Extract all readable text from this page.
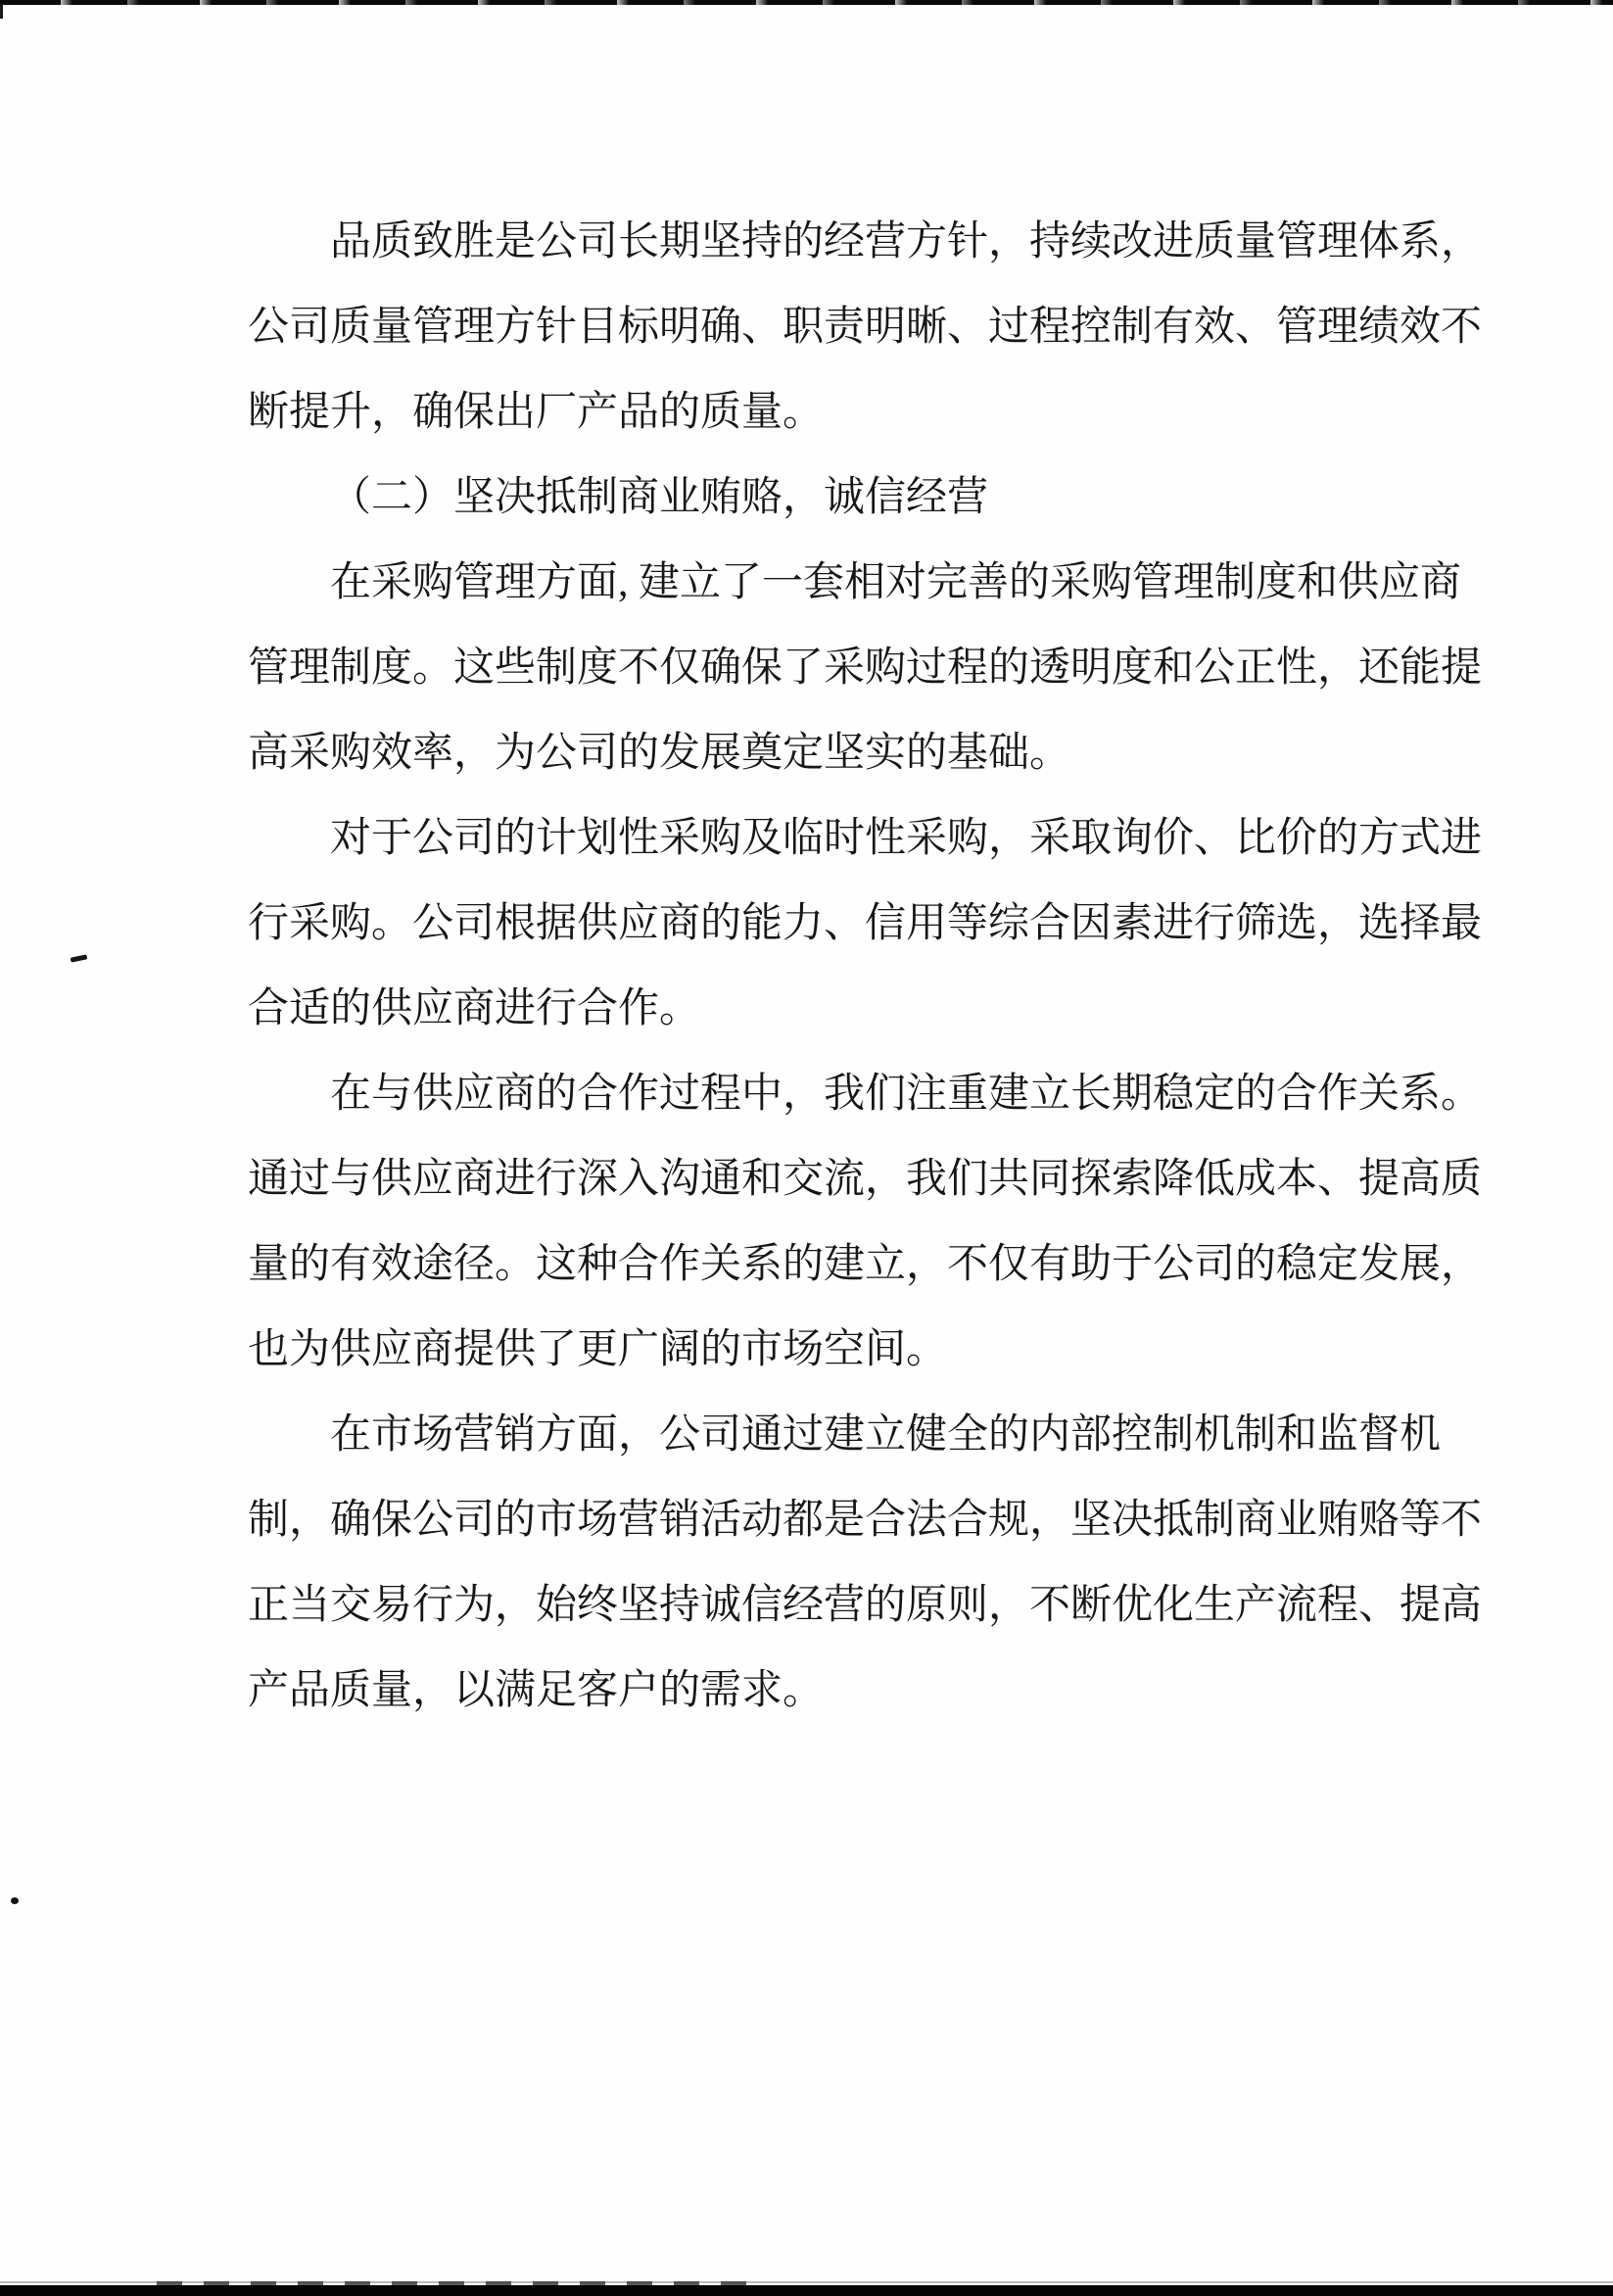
品质致胜是公司长期坚持的经营方针，持续改进质量管理体系，
公司质量管理方针目标明确、职责明晰、过程控制有效、管理绩效不
断提升，确保出厂产品的质量。
（二）坚决抵制商业贿赂，诚信经营
在采购管理方面, 建立了一套相对完善的采购管理制度和供应商
管理制度。这些制度不仅确保了采购过程的透明度和公正性，还能提
高采购效率，为公司的发展奠定坚实的基础。
对于公司的计划性采购及临时性采购，采取询价、比价的方式进
行采购。公司根据供应商的能力、信用等综合因素进行筛选，选择最
合适的供应商进行合作。
在与供应商的合作过程中，我们注重建立长期稳定的合作关系。
通过与供应商进行深入沟通和交流，我们共同探索降低成本、提高质
量的有效途径。这种合作关系的建立，不仅有助于公司的稳定发展，
也为供应商提供了更广阔的市场空间。
在市场营销方面，公司通过建立健全的内部控制机制和监督机
制，确保公司的市场营销活动都是合法合规，坚决抵制商业贿赂等不
正当交易行为，始终坚持诚信经营的原则，不断优化生产流程、提高
产品质量，以满足客户的需求。
